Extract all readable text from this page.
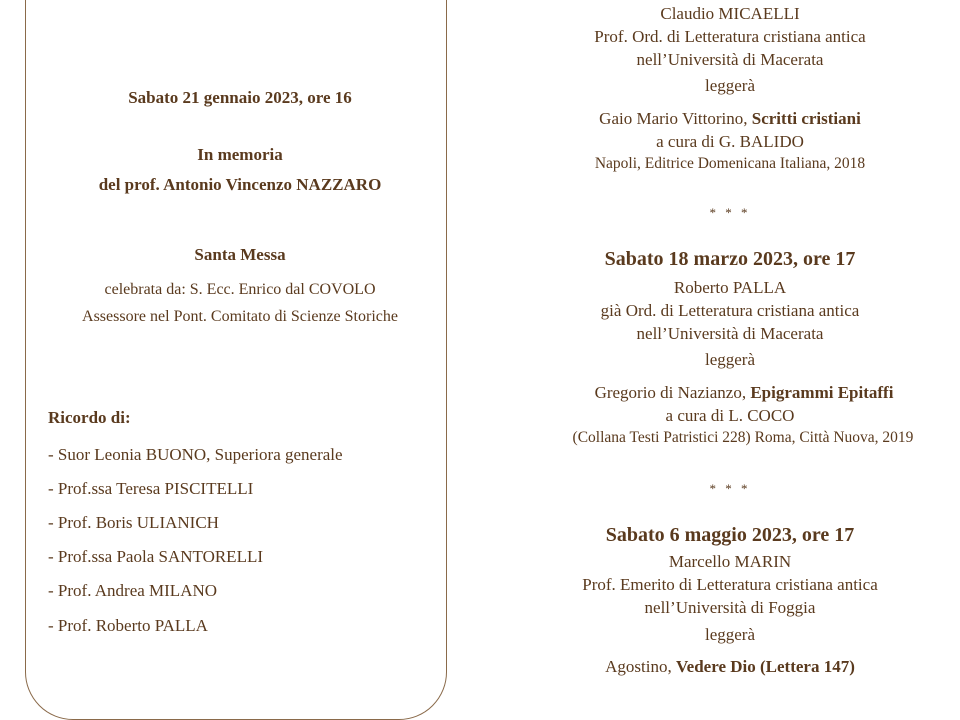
Sabato 21 gennaio 2023, ore 16
In memoria
del prof. Antonio Vincenzo NAZZARO
Santa Messa
celebrata da: S. Ecc. Enrico dal COVOLO
Assessore nel Pont. Comitato di Scienze Storiche
Ricordo di:
- Suor Leonia BUONO, Superiora generale
- Prof.ssa Teresa PISCITELLI
- Prof. Boris ULIANICH
- Prof.ssa Paola SANTORELLI
- Prof. Andrea MILANO
- Prof. Roberto PALLA
Claudio MICAELLI
Prof. Ord. di Letteratura cristiana antica
nell’Università di Macerata
leggerà
Gaio Mario Vittorino, Scritti cristiani
a cura di G. BALIDO
Napoli, Editrice Domenicana Italiana, 2018
* * *
Sabato 18 marzo 2023, ore 17
Roberto PALLA
già Ord. di Letteratura cristiana antica
nell’Università di Macerata
leggerà
Gregorio di Nazianzo, Epigrammi Epitaffi
a cura di L. COCO
(Collana Testi Patristici 228) Roma, Città Nuova, 2019
* * *
Sabato 6 maggio 2023, ore 17
Marcello MARIN
Prof. Emerito di Letteratura cristiana antica
nell’Università di Foggia
leggerà
Agostino, Vedere Dio (Lettera 147)
